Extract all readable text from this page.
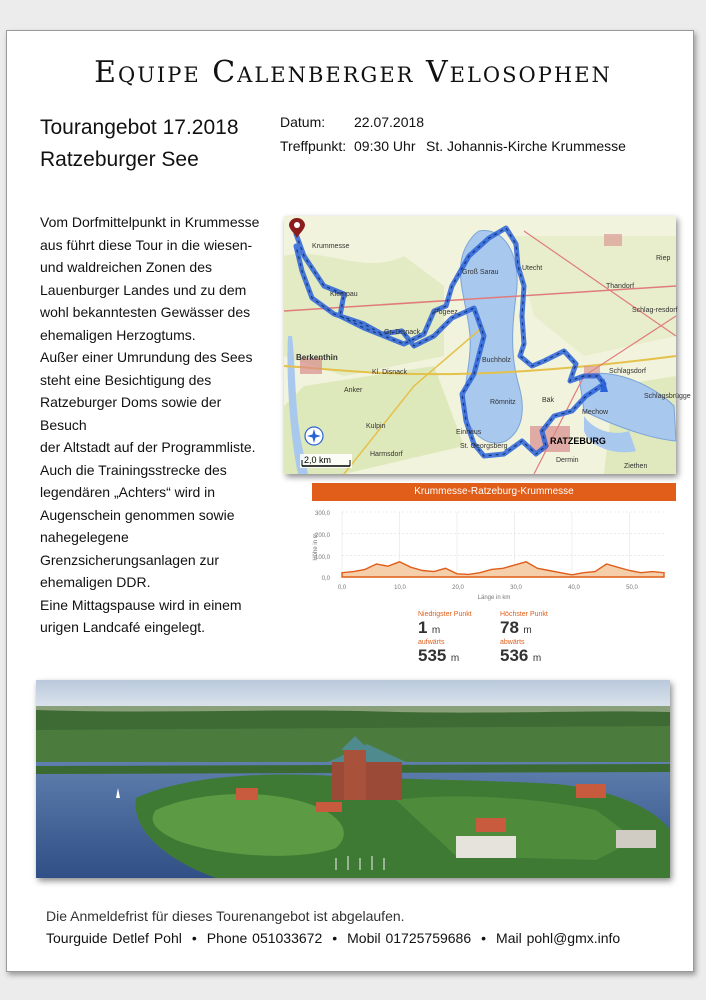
Equipe Calenberger Velosophen
Tourangebot 17.2018
Ratzeburger See
Datum: 22.07.2018
Treffpunkt: 09:30 Uhr St. Johannis-Kirche Krummesse

Vom Dorfmittelpunkt in Krummesse

aus führt diese Tour in die wiesen-

und waldreichen Zonen des

Lauenburger Landes und zu dem

wohl bekanntesten Gewässer des

ehemaligen Herzogtums.

Außer einer Umrundung des Sees

steht eine Besichtigung des

Ratzeburger Doms sowie der Besuch

der Altstadt auf der Programmliste.

Auch die Trainingsstrecke des

legendären „Achters“ wird in

Augenschein genommen sowie

nahegelegene

Grenzsicherungsanlagen zur

ehemaligen DDR.

Eine Mittagspause wird in einem

urigen Landcafé eingelegt.

2,0 km
Krummesse
Groß Sarau
Utecht
Thandorf
Klempau
Pogeez
Schlagsdorf
Berkenthin	Buchholz
Einhaus
Römnitz	Bäk
Mechow
St. Georgsberg
RATZEBURG
Dermin
Kulpin
Harmsdorf
Anker
Kl. Disnack
Gr. Disnack
Riep
Ziethen
Schlagsbrügge
Schlag-resdorf
Krummesse-Ratzeburg-Krummesse
300,0
200,0
100,0
0,0
0,0	10,0	20,0	30,0	40,0	50,0
Länge in km
Höhe in m
Niedrigster Punkt
1 m
Höchster Punkt
78 m
aufwärts
535 m
abwärts
536 m
Die Anmeldefrist für dieses Tourenangebot ist abgelaufen.
Tourguide Detlef Pohl • Phone 051033672 • Mobil 01725759686 • Mail pohl@gmx.info
